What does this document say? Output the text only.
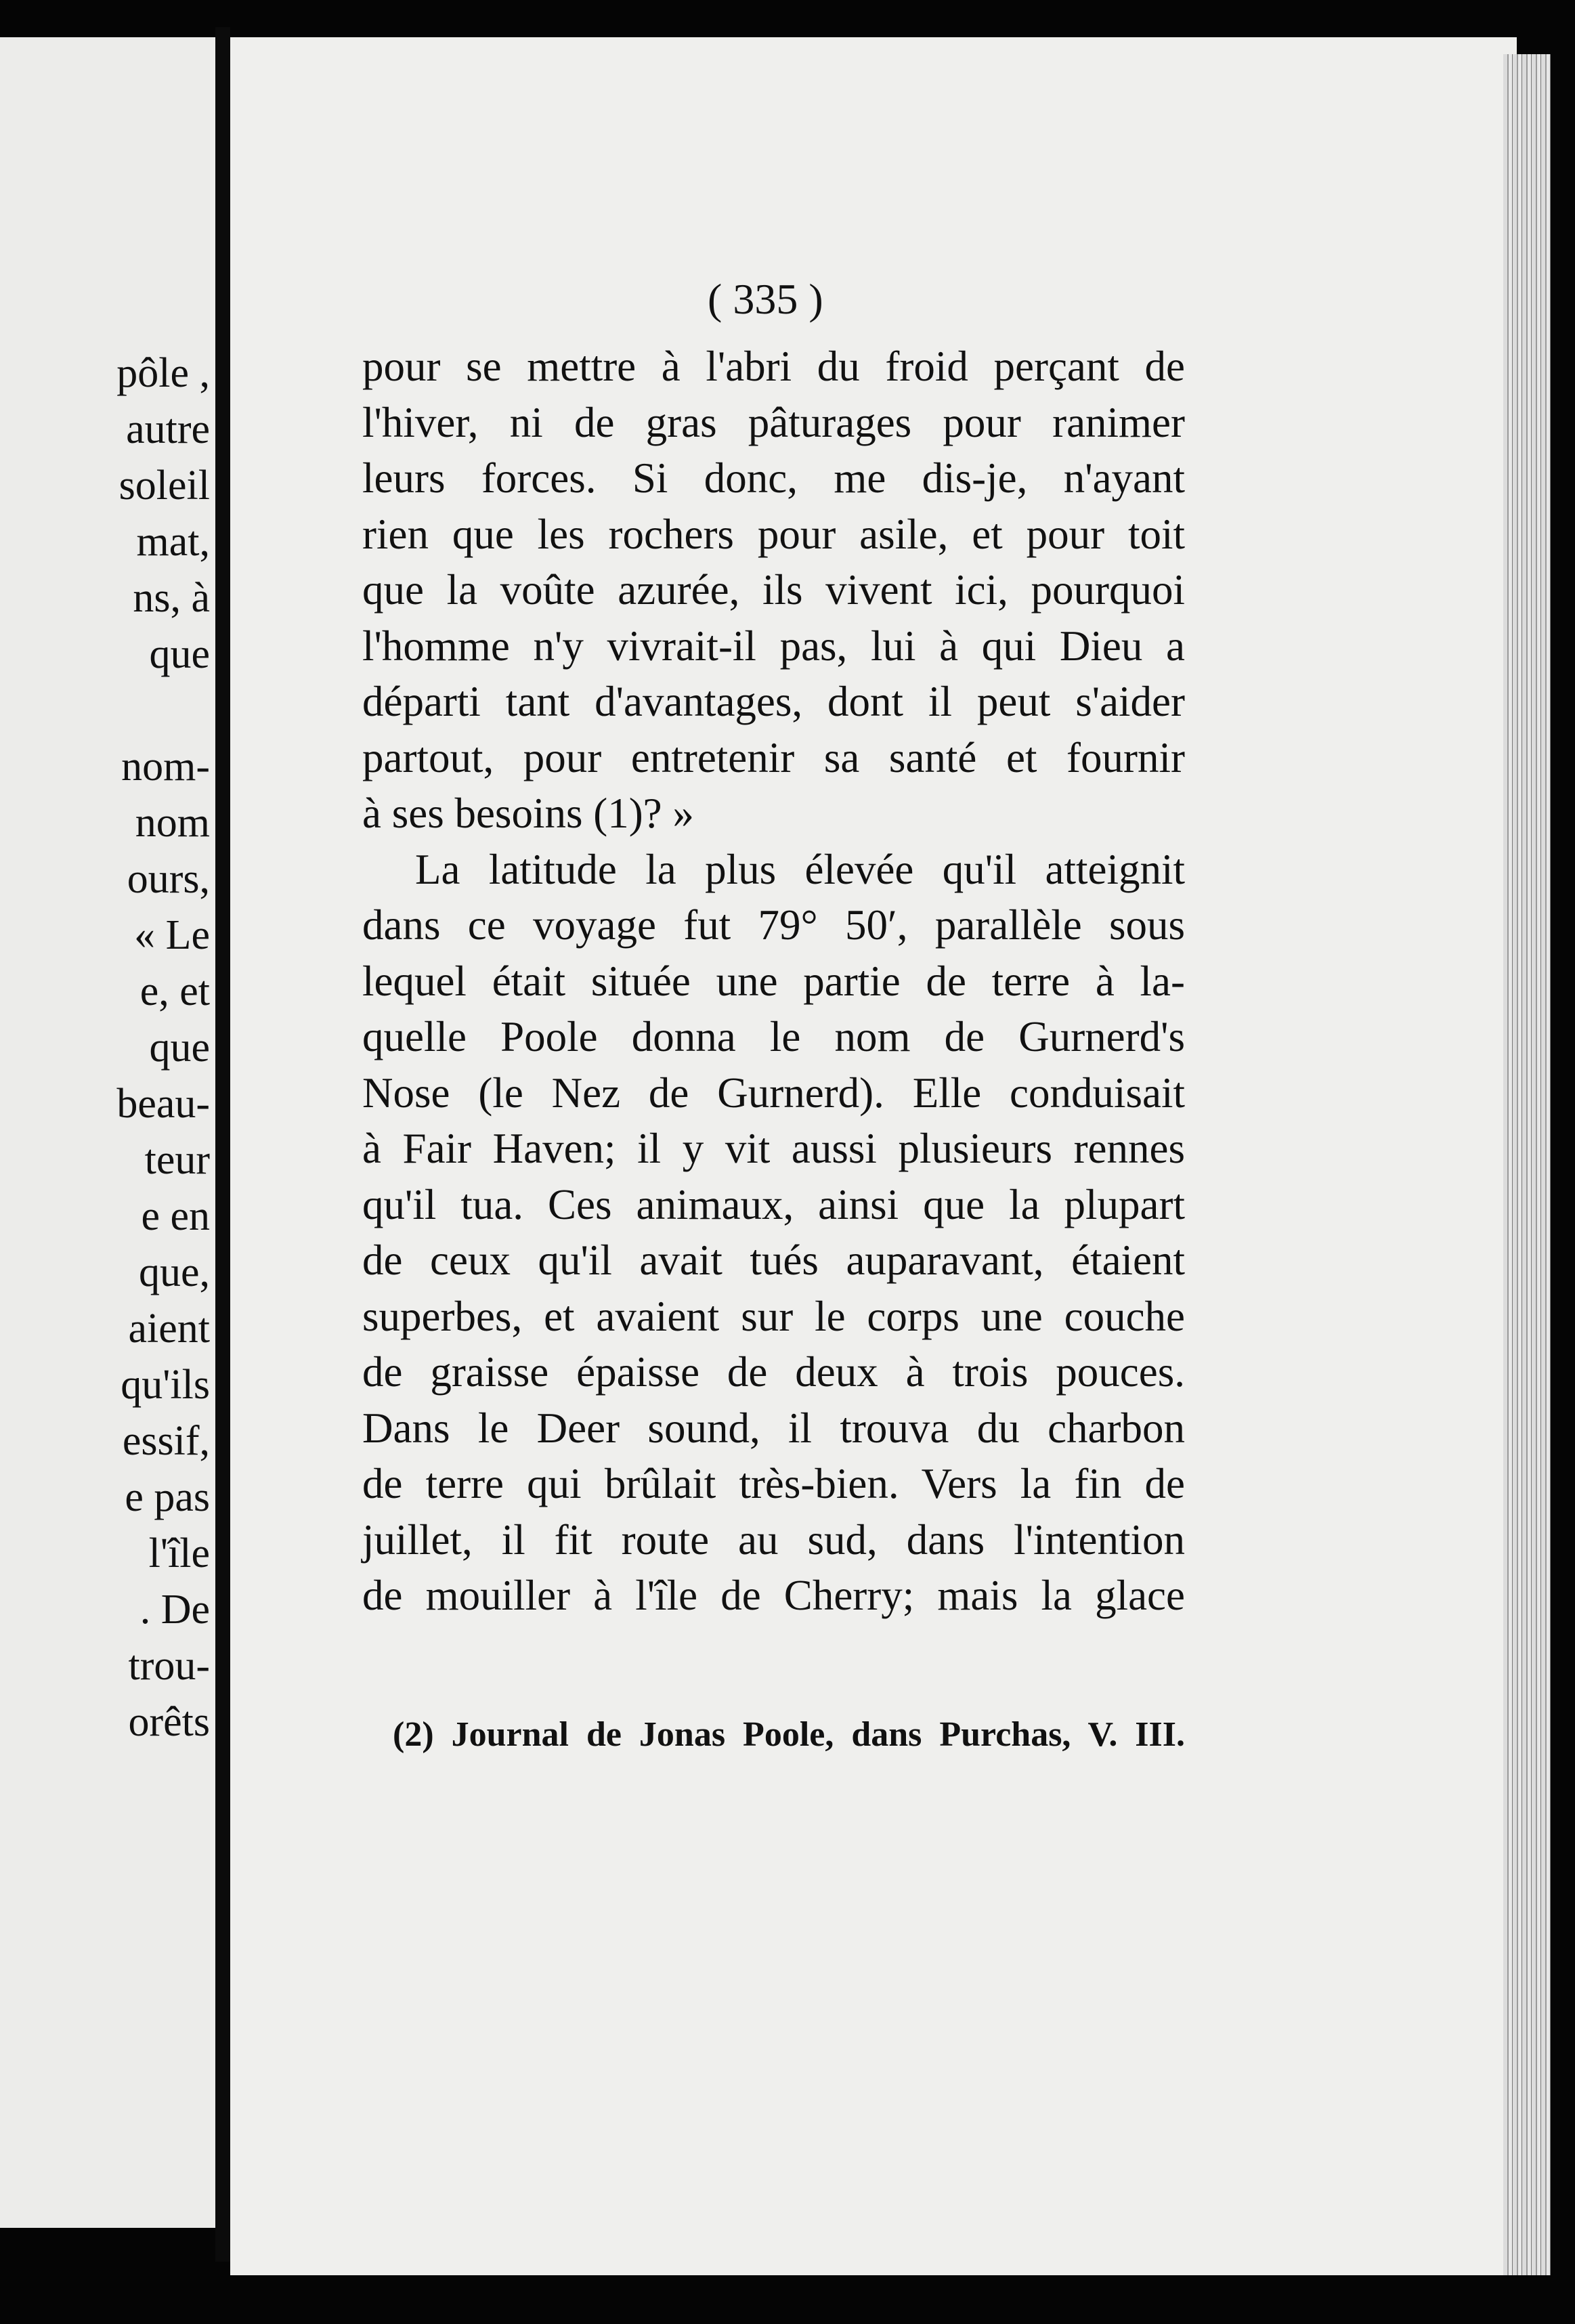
pôle ,
autre
soleil
mat,
ns, à
que
nom-
nom
ours,
« Le
e, et
que
beau-
teur
e en
que,
aient
qu'ils
essif,
e pas
l'île
. De
trou-
orêts
( 335 )
pour se mettre à l'abri du froid perçant de
l'hiver, ni de gras pâturages pour ranimer
leurs forces. Si donc, me dis-je, n'ayant
rien que les rochers pour asile, et pour toit
que la voûte azurée, ils vivent ici, pourquoi
l'homme n'y vivrait-il pas, lui à qui Dieu a
départi tant d'avantages, dont il peut s'aider
partout, pour entretenir sa santé et fournir
à ses besoins (1)? »
La latitude la plus élevée qu'il atteignit
dans ce voyage fut 79° 50′, parallèle sous
lequel était située une partie de terre à la-
quelle Poole donna le nom de Gurnerd's
Nose (le Nez de Gurnerd). Elle conduisait
à Fair Haven; il y vit aussi plusieurs rennes
qu'il tua. Ces animaux, ainsi que la plupart
de ceux qu'il avait tués auparavant, étaient
superbes, et avaient sur le corps une couche
de graisse épaisse de deux à trois pouces.
Dans le Deer sound, il trouva du charbon
de terre qui brûlait très-bien. Vers la fin de
juillet, il fit route au sud, dans l'intention
de mouiller à l'île de Cherry; mais la glace
(2) Journal de Jonas Poole, dans Purchas, V. III.
